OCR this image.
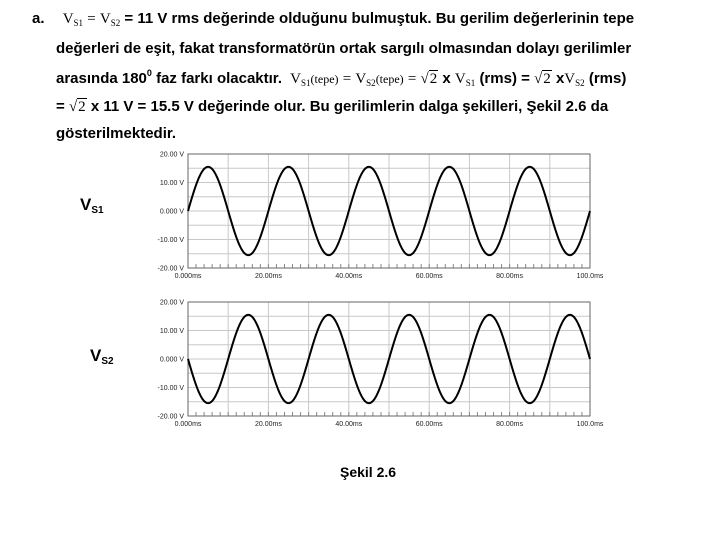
a. $V_{S1} = V_{S2} = 11$ V rms değerinde olduğunu bulmuştuk. Bu gerilim değerlerinin tepe
değerleri de eşit, fakat transformatörün ortak sargılı olmasından dolayı gerilimler
arasında $180^0$ faz farkı olacaktır. $V_{S1}(tepe)$ = $V_{S2}(tepe) = √2$ x $V_{S1}$ (rms) = √2 $xV_{S2}$ (rms)
= √2 x 11 V = 15.5 V değerinde olur. Bu gerilimlerin dalga şekilleri, Şekil 2.6 da
gösterilmektedir.
$V_{S1}$
$V_{S2}$
20.00 V
10.00 V
0.000 V
-10.00 V
-20.00 V
0.000ms	20.00ms	40.00ms	60.00ms	80.00ms	100.0ms
20.00 V
10.00 V
0.000 V
-10.00 V
-20.00 V
0.000ms	20.00ms	40.00ms	60.00ms	80.00ms	100.0ms
Şekil 2.6
